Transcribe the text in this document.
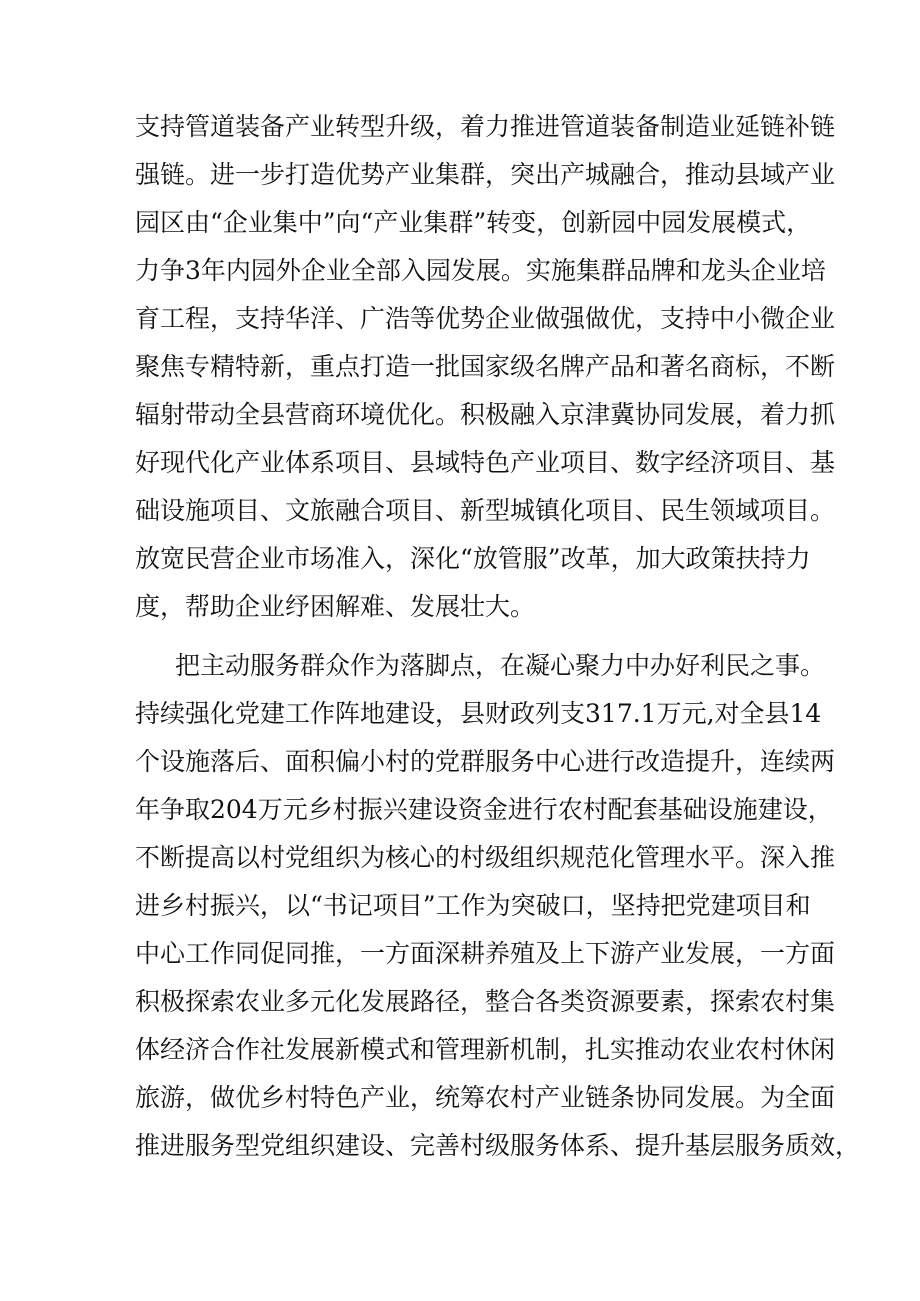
支持管道装备产业转型升级，着力推进管道装备制造业延链补链
强链。进一步打造优势产业集群，突出产城融合，推动县域产业
园区由“企业集中”向“产业集群”转变，创新园中园发展模式，
力争3年内园外企业全部入园发展。实施集群品牌和龙头企业培
育工程，支持华洋、广浩等优势企业做强做优，支持中小微企业
聚焦专精特新，重点打造一批国家级名牌产品和著名商标，不断
辐射带动全县营商环境优化。积极融入京津冀协同发展，着力抓
好现代化产业体系项目、县域特色产业项目、数字经济项目、基
础设施项目、文旅融合项目、新型城镇化项目、民生领域项目。
放宽民营企业市场准入，深化“放管服”改革，加大政策扶持力
度，帮助企业纾困解难、发展壮大。
把主动服务群众作为落脚点，在凝心聚力中办好利民之事。
持续强化党建工作阵地建设，县财政列支317.1万元,对全县14
个设施落后、面积偏小村的党群服务中心进行改造提升，连续两
年争取204万元乡村振兴建设资金进行农村配套基础设施建设，
不断提高以村党组织为核心的村级组织规范化管理水平。深入推
进乡村振兴，以“书记项目”工作为突破口，坚持把党建项目和
中心工作同促同推，一方面深耕养殖及上下游产业发展，一方面
积极探索农业多元化发展路径，整合各类资源要素，探索农村集
体经济合作社发展新模式和管理新机制，扎实推动农业农村休闲
旅游，做优乡村特色产业，统筹农村产业链条协同发展。为全面
推进服务型党组织建设、完善村级服务体系、提升基层服务质效，
